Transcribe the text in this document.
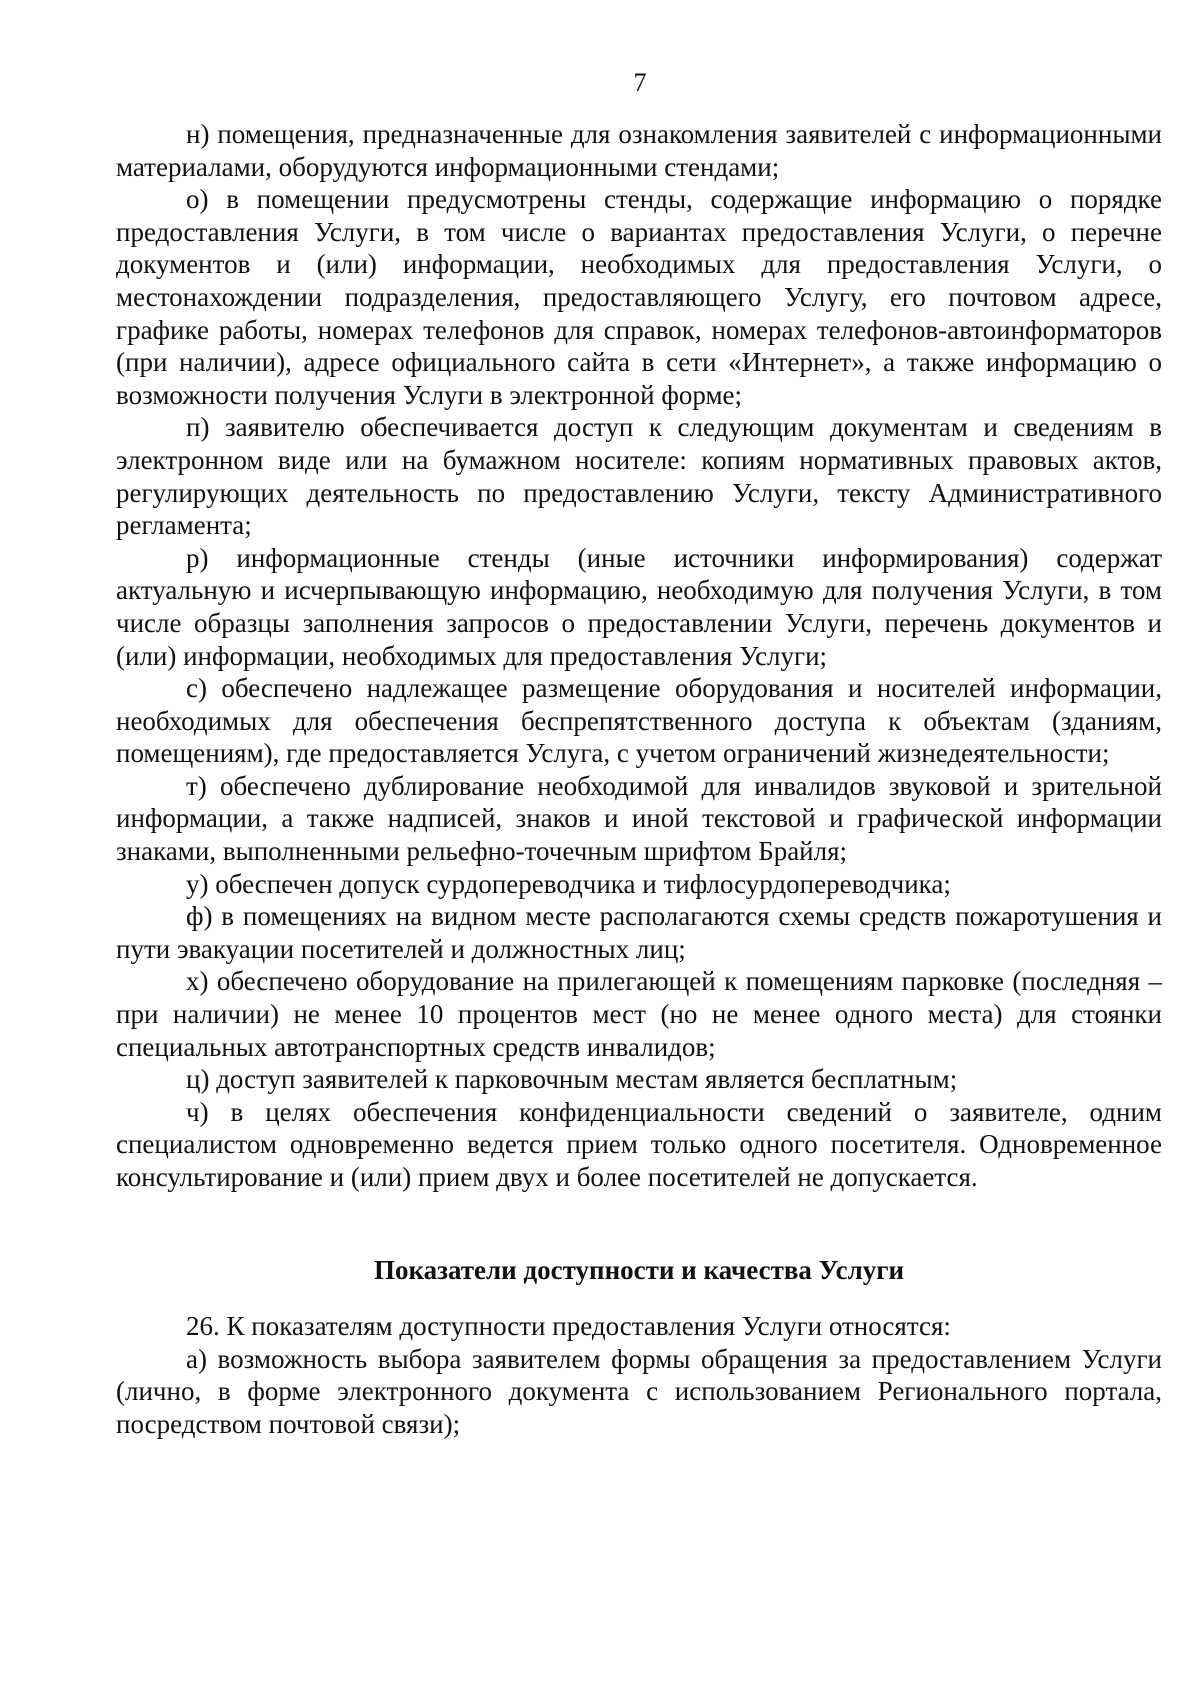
7

н) помещения, предназначенные для ознакомления заявителей с информационными материалами, оборудуются информационными стендами;

о) в помещении предусмотрены стенды, содержащие информацию о порядке предоставления Услуги, в том числе о вариантах предоставления Услуги, о перечне документов и (или) информации, необходимых для предоставления Услуги, о местонахождении подразделения, предоставляющего Услугу, его почтовом адресе, графике работы, номерах телефонов для справок, номерах телефонов-автоинформаторов (при наличии), адресе официального сайта в сети «Интернет», а также информацию о возможности получения Услуги в электронной форме;

п) заявителю обеспечивается доступ к следующим документам и сведениям в электронном виде или на бумажном носителе: копиям нормативных правовых актов, регулирующих деятельность по предоставлению Услуги, тексту Административного регламента;

р) информационные стенды (иные источники информирования) содержат актуальную и исчерпывающую информацию, необходимую для получения Услуги, в том числе образцы заполнения запросов о предоставлении Услуги, перечень документов и (или) информации, необходимых для предоставления Услуги;

с) обеспечено надлежащее размещение оборудования и носителей информации, необходимых для обеспечения беспрепятственного доступа к объектам (зданиям, помещениям), где предоставляется Услуга, с учетом ограничений жизнедеятельности;

т) обеспечено дублирование необходимой для инвалидов звуковой и зрительной информации, а также надписей, знаков и иной текстовой и графической информации знаками, выполненными рельефно-точечным шрифтом Брайля;

у) обеспечен допуск сурдопереводчика и тифлосурдопереводчика;

ф) в помещениях на видном месте располагаются схемы средств пожаротушения и пути эвакуации посетителей и должностных лиц;

х) обеспечено оборудование на прилегающей к помещениям парковке (последняя – при наличии) не менее 10 процентов мест (но не менее одного места) для стоянки специальных автотранспортных средств инвалидов;

ц) доступ заявителей к парковочным местам является бесплатным;

ч) в целях обеспечения конфиденциальности сведений о заявителе, одним специалистом одновременно ведется прием только одного посетителя. Одновременное консультирование и (или) прием двух и более посетителей не допускается.

Показатели доступности и качества Услуги

26. К показателям доступности предоставления Услуги относятся:

а) возможность выбора заявителем формы обращения за предоставлением Услуги (лично, в форме электронного документа с использованием Регионального портала, посредством почтовой связи);
